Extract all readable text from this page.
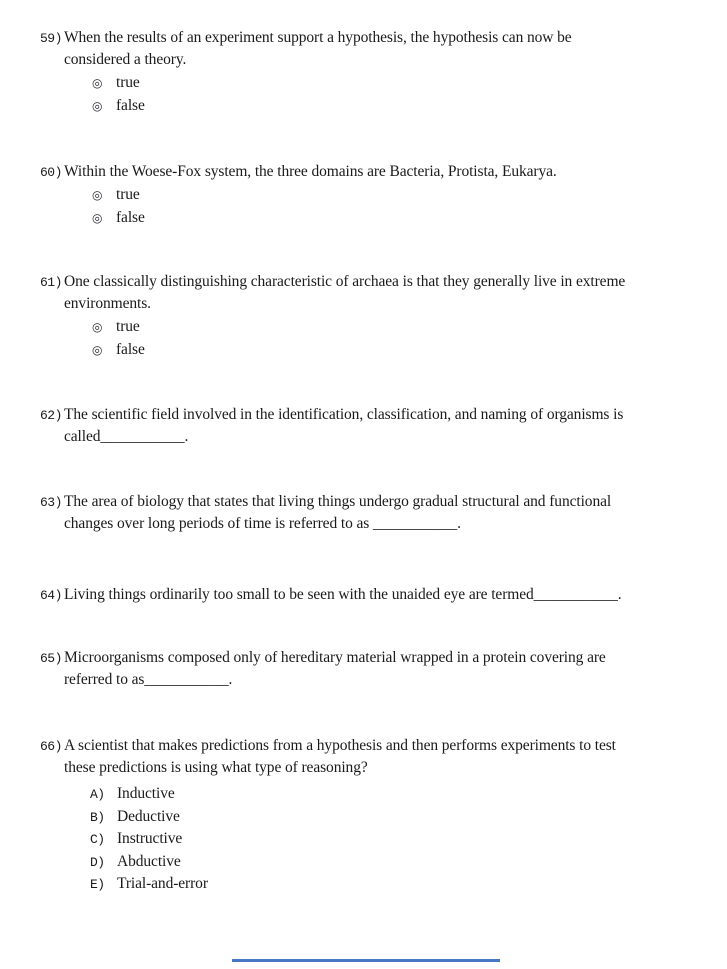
59) When the results of an experiment support a hypothesis, the hypothesis can now be
considered a theory.
◎ true
◎ false
60) Within the Woese-Fox system, the three domains are Bacteria, Protista, Eukarya.
◎ true
◎ false
61) One classically distinguishing characteristic of archaea is that they generally live in extreme
environments.
◎ true
◎ false
62) The scientific field involved in the identification, classification, and naming of organisms is
called___________.
63) The area of biology that states that living things undergo gradual structural and functional
changes over long periods of time is referred to as ___________.
64) Living things ordinarily too small to be seen with the unaided eye are termed___________.
65) Microorganisms composed only of hereditary material wrapped in a protein covering are
referred to as___________.
66) A scientist that makes predictions from a hypothesis and then performs experiments to test
these predictions is using what type of reasoning?
A) Inductive
B) Deductive
C) Instructive
D) Abductive
E) Trial-and-error
